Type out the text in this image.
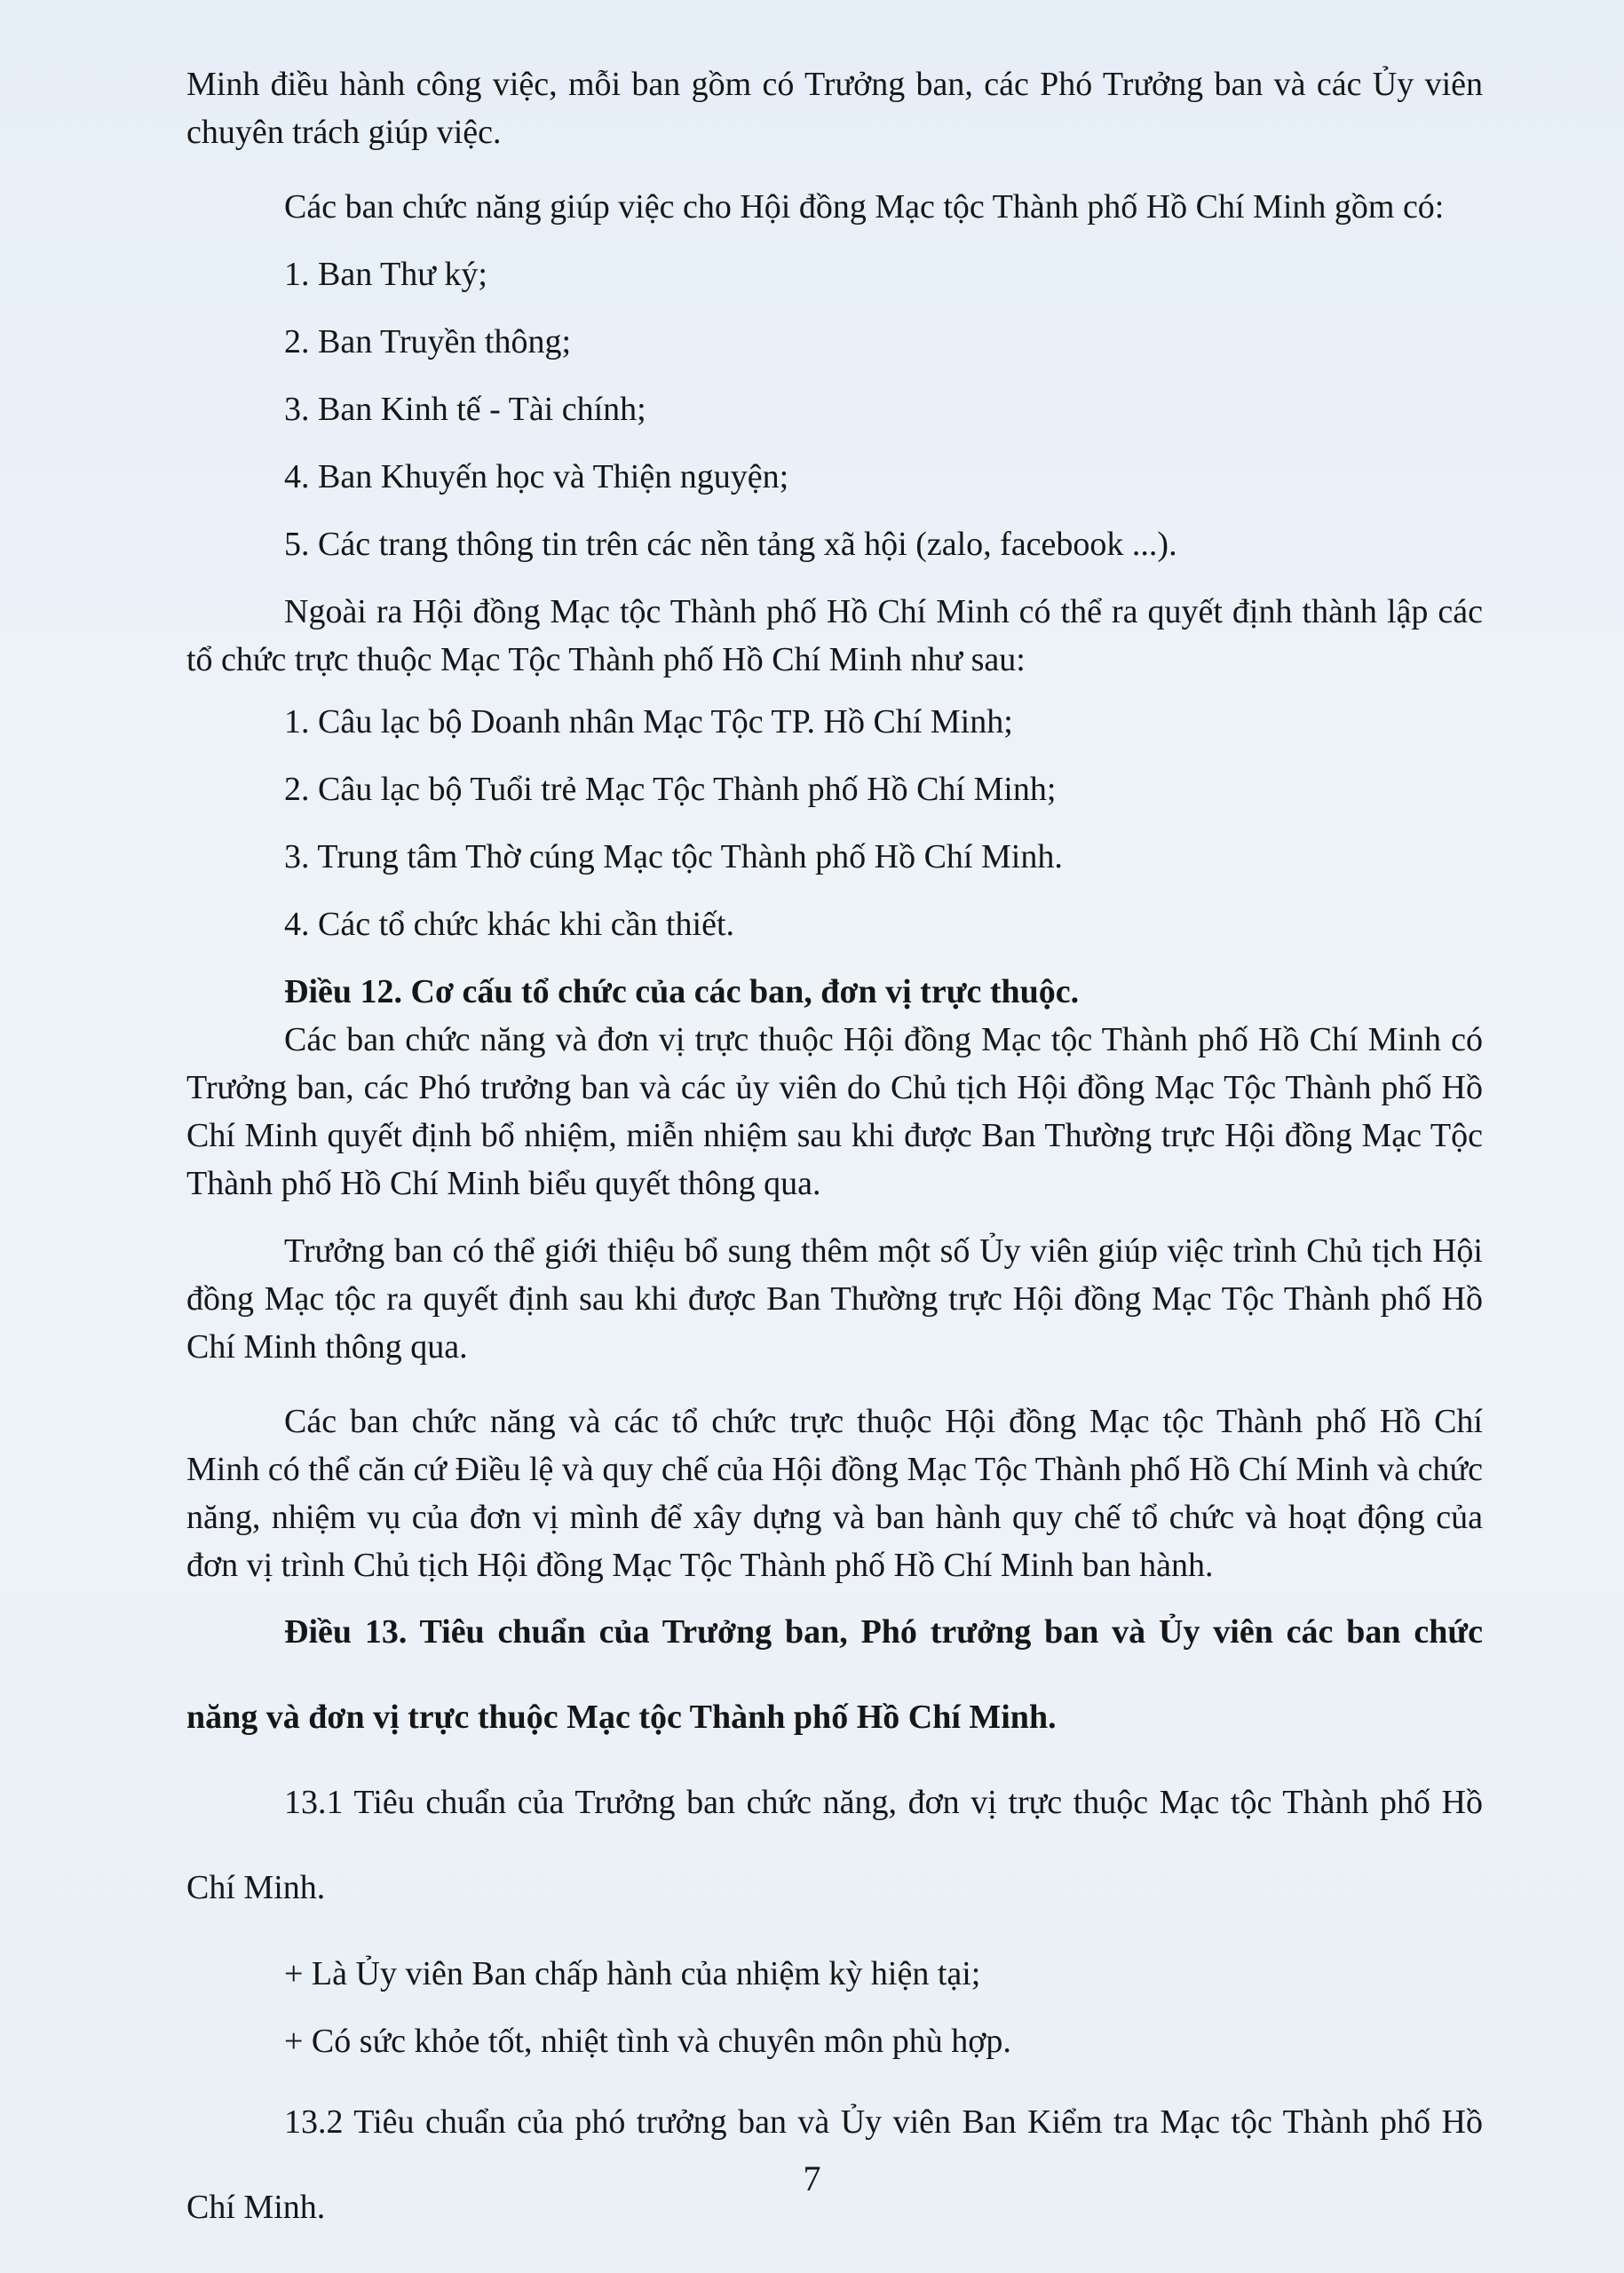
Minh điều hành công việc, mỗi ban gồm có Trưởng ban, các Phó Trưởng ban và các Ủy viên chuyên trách giúp việc.

Các ban chức năng giúp việc cho Hội đồng Mạc tộc Thành phố Hồ Chí Minh gồm có:

1. Ban Thư ký;

2. Ban Truyền thông;

3. Ban Kinh tế - Tài chính;

4. Ban Khuyến học và Thiện nguyện;

5. Các trang thông tin trên các nền tảng xã hội (zalo, facebook ...).

Ngoài ra Hội đồng Mạc tộc Thành phố Hồ Chí Minh có thể ra quyết định thành lập các tổ chức trực thuộc Mạc Tộc Thành phố Hồ Chí Minh như sau:

1. Câu lạc bộ Doanh nhân Mạc Tộc TP. Hồ Chí Minh;

2. Câu lạc bộ Tuổi trẻ Mạc Tộc Thành phố Hồ Chí Minh;

3. Trung tâm Thờ cúng Mạc tộc Thành phố Hồ Chí Minh.

4. Các tổ chức khác khi cần thiết.

Điều 12. Cơ cấu tổ chức của các ban, đơn vị trực thuộc.

Các ban chức năng và đơn vị trực thuộc Hội đồng Mạc tộc Thành phố Hồ Chí Minh có Trưởng ban, các Phó trưởng ban và các ủy viên do Chủ tịch Hội đồng Mạc Tộc Thành phố Hồ Chí Minh quyết định bổ nhiệm, miễn nhiệm sau khi được Ban Thường trực Hội đồng Mạc Tộc Thành phố Hồ Chí Minh biểu quyết thông qua.

Trưởng ban có thể giới thiệu bổ sung thêm một số Ủy viên giúp việc trình Chủ tịch Hội đồng Mạc tộc ra quyết định sau khi được Ban Thường trực Hội đồng Mạc Tộc Thành phố Hồ Chí Minh thông qua.

Các ban chức năng và các tổ chức trực thuộc Hội đồng Mạc tộc Thành phố Hồ Chí Minh có thể căn cứ Điều lệ và quy chế của Hội đồng Mạc Tộc Thành phố Hồ Chí Minh và chức năng, nhiệm vụ của đơn vị mình để xây dựng và ban hành quy chế tổ chức và hoạt động của đơn vị trình Chủ tịch Hội đồng Mạc Tộc Thành phố Hồ Chí Minh ban hành.

Điều 13. Tiêu chuẩn của Trưởng ban, Phó trưởng ban và Ủy viên các ban chức năng và đơn vị trực thuộc Mạc tộc Thành phố Hồ Chí Minh.

13.1 Tiêu chuẩn của Trưởng ban chức năng, đơn vị trực thuộc Mạc tộc Thành phố Hồ Chí Minh.

+ Là Ủy viên Ban chấp hành của nhiệm kỳ hiện tại;

+ Có sức khỏe tốt, nhiệt tình và chuyên môn phù hợp.

13.2 Tiêu chuẩn của phó trưởng ban và Ủy viên Ban Kiểm tra Mạc tộc Thành phố Hồ Chí Minh.

7
